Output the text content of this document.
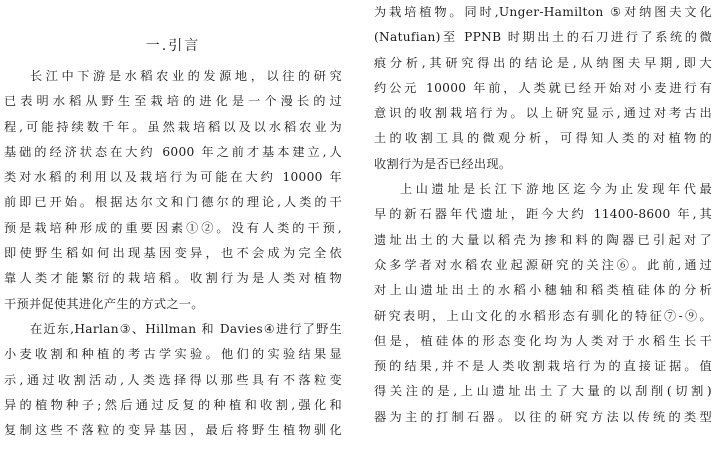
一.引言
长江中下游是水稻农业的发源地，以往的研究
已表明水稻从野生至栽培的进化是一个漫长的过
程,可能持续数千年。虽然栽培稻以及以水稻农业为
基础的经济状态在大约 6000 年之前才基本建立,人
类对水稻的利用以及栽培行为可能在大约 10000 年
前即已开始。根据达尔文和门德尔的理论,人类的干
预是栽培种形成的重要因素①②。没有人类的干预,
即使野生稻如何出现基因变异，也不会成为完全依
靠人类才能繁衍的栽培稻。收割行为是人类对植物
干预并促使其进化产生的方式之一。
在近东,Harlan③、Hillman 和 Davies④进行了野生
小麦收割和种植的考古学实验。他们的实验结果显
示,通过收割活动,人类选择得以那些具有不落粒变
异的植物种子;然后通过反复的种植和收割,强化和
复制这些不落粒的变异基因，最后将野生植物驯化
为栽培植物。同时,Unger-Hamilton ⑤对纳图夫文化
(Natufian)至 PPNB 时期出土的石刀进行了系统的微
痕分析,其研究得出的结论是,从纳图夫早期,即大
约公元 10000 年前，人类就已经开始对小麦进行有
意识的收割栽培行为。以上研究显示,通过对考古出
土的收割工具的微观分析，可得知人类的对植物的
收割行为是否已经出现。
上山遗址是长江下游地区迄今为止发现年代最
早的新石器年代遗址，距今大约 11400-8600 年,其
遗址出土的大量以稻壳为掺和料的陶器已引起对了
众多学者对水稻农业起源研究的关注⑥。此前,通过
对上山遗址出土的水稻小穗轴和稻类植硅体的分析
研究表明，上山文化的水稻形态有驯化的特征⑦-⑨。
但是，植硅体的形态变化均为人类对于水稻生长干
预的结果,并不是人类收割栽培行为的直接证据。值
得关注的是,上山遗址出土了大量的以刮削(切割)
器为主的打制石器。以往的研究方法以传统的类型
